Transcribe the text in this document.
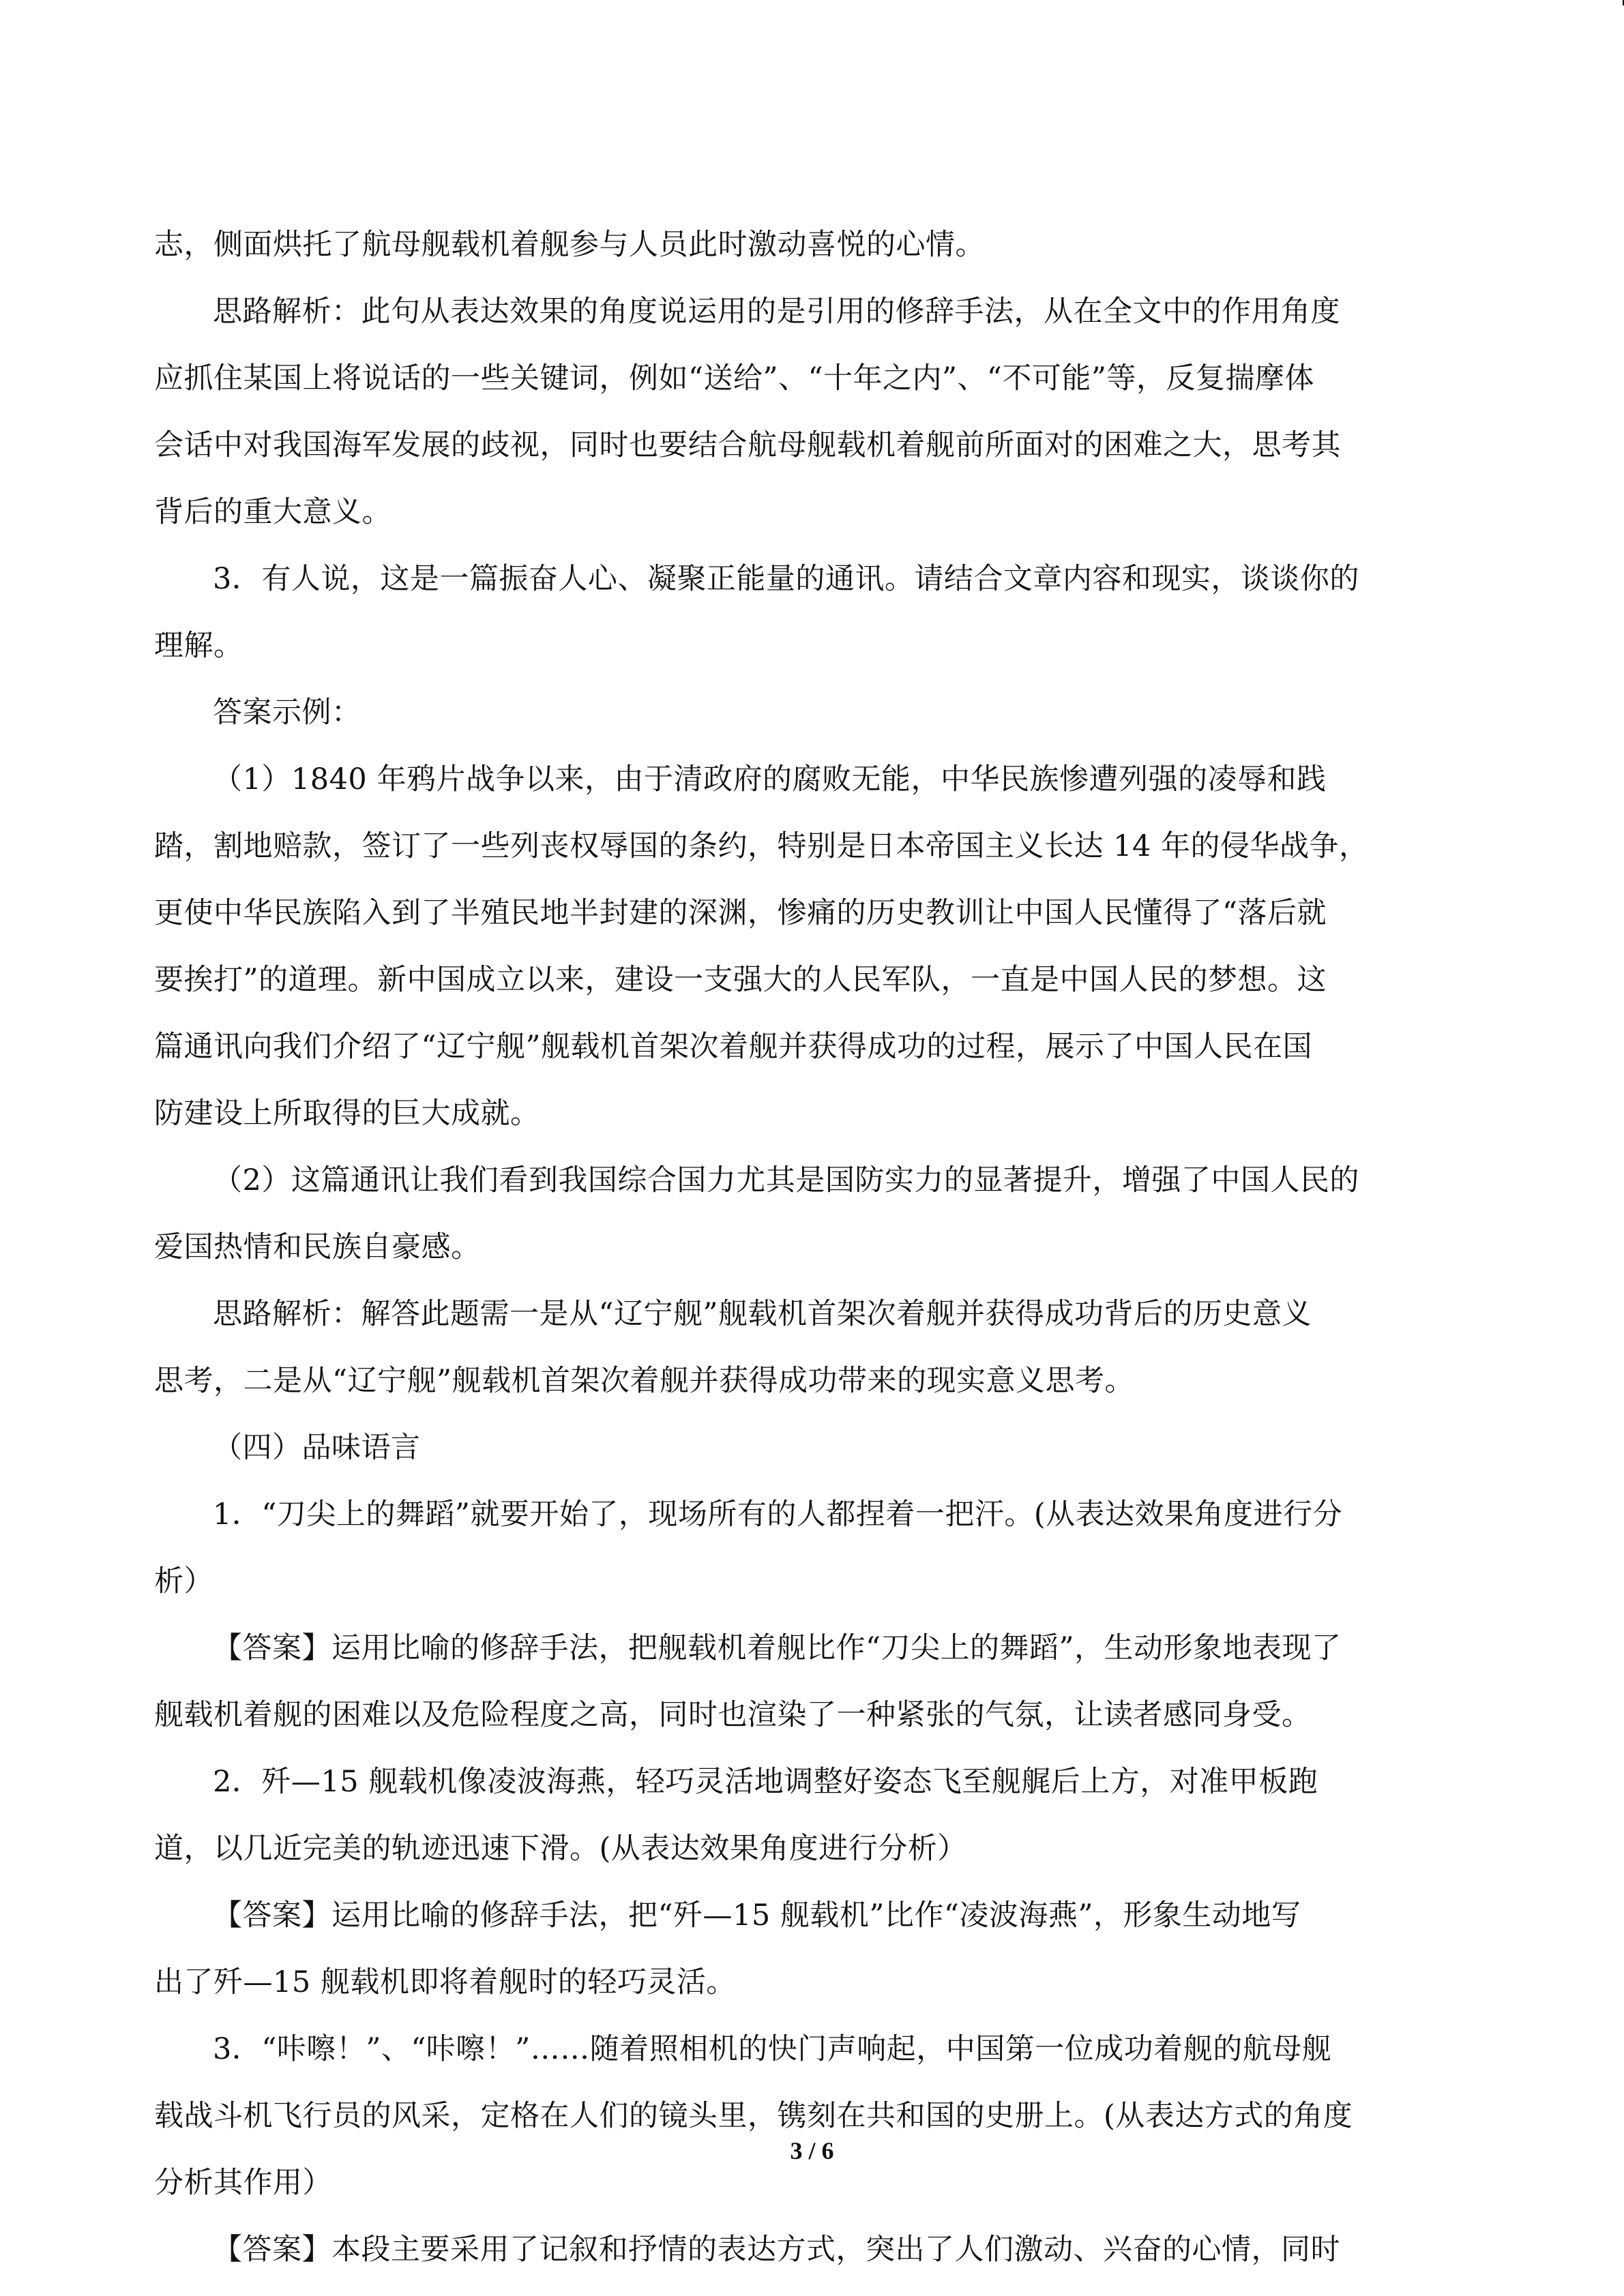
志，侧面烘托了航母舰载机着舰参与人员此时激动喜悦的心情。
思路解析：此句从表达效果的角度说运用的是引用的修辞手法，从在全文中的作用角度
应抓住某国上将说话的一些关键词，例如“送给”、“十年之内”、“不可能”等，反复揣摩体
会话中对我国海军发展的歧视，同时也要结合航母舰载机着舰前所面对的困难之大，思考其
背后的重大意义。
3．有人说，这是一篇振奋人心、凝聚正能量的通讯。请结合文章内容和现实，谈谈你的
理解。
答案示例：
（1）1840 年鸦片战争以来，由于清政府的腐败无能，中华民族惨遭列强的凌辱和践
踏，割地赔款，签订了一些列丧权辱国的条约，特别是日本帝国主义长达 14 年的侵华战争，
更使中华民族陷入到了半殖民地半封建的深渊，惨痛的历史教训让中国人民懂得了“落后就
要挨打”的道理。新中国成立以来，建设一支强大的人民军队，一直是中国人民的梦想。这
篇通讯向我们介绍了“辽宁舰”舰载机首架次着舰并获得成功的过程，展示了中国人民在国
防建设上所取得的巨大成就。
（2）这篇通讯让我们看到我国综合国力尤其是国防实力的显著提升，增强了中国人民的
爱国热情和民族自豪感。
思路解析：解答此题需一是从“辽宁舰”舰载机首架次着舰并获得成功背后的历史意义
思考，二是从“辽宁舰”舰载机首架次着舰并获得成功带来的现实意义思考。
（四）品味语言
1．“刀尖上的舞蹈”就要开始了，现场所有的人都捏着一把汗。(从表达效果角度进行分
析）
【答案】运用比喻的修辞手法，把舰载机着舰比作“刀尖上的舞蹈”，生动形象地表现了
舰载机着舰的困难以及危险程度之高，同时也渲染了一种紧张的气氛，让读者感同身受。
2．歼—15 舰载机像凌波海燕，轻巧灵活地调整好姿态飞至舰艉后上方，对准甲板跑
道，以几近完美的轨迹迅速下滑。(从表达效果角度进行分析）
【答案】运用比喻的修辞手法，把“歼—15 舰载机”比作“凌波海燕”，形象生动地写
出了歼—15 舰载机即将着舰时的轻巧灵活。
3．“咔嚓！”、“咔嚓！”……随着照相机的快门声响起，中国第一位成功着舰的航母舰
载战斗机飞行员的风采，定格在人们的镜头里，镌刻在共和国的史册上。(从表达方式的角度
分析其作用）
【答案】本段主要采用了记叙和抒情的表达方式，突出了人们激动、兴奋的心情，同时
3 / 6
